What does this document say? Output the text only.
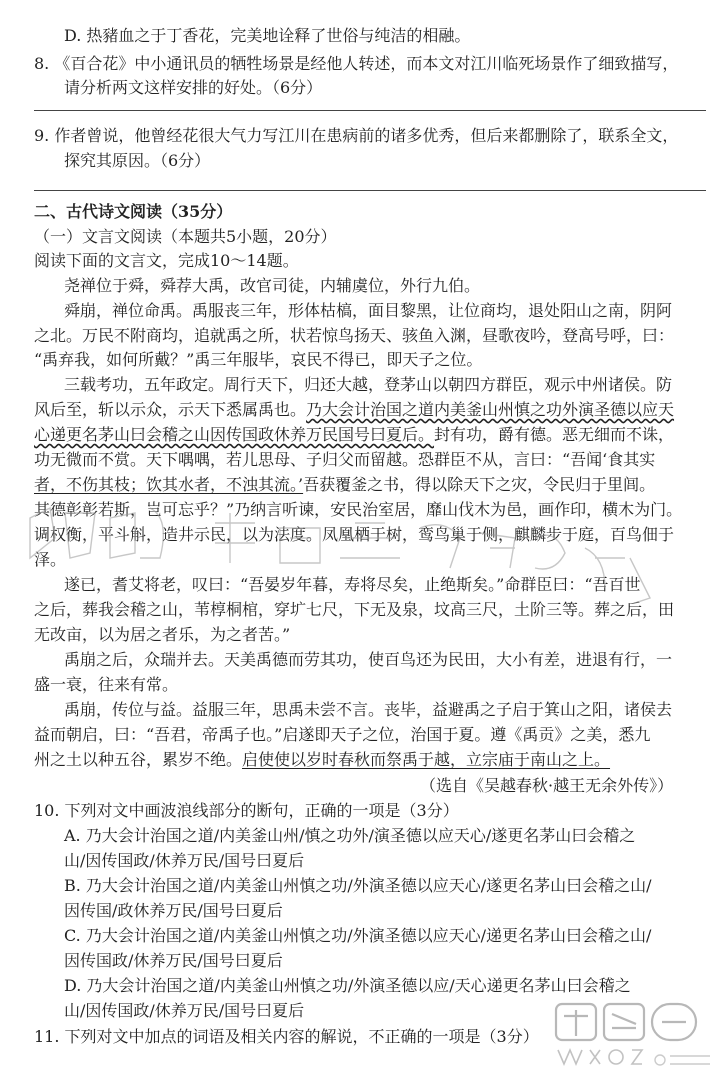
D. 热豬血之于丁香花，完美地诠释了世俗与纯洁的相融。
8. 《百合花》中小通讯员的牺牲场景是经他人转述，而本文对江川临死场景作了细致描写，
请分析两文这样安排的好处。（6分）
9. 作者曾说，他曾经花很大气力写江川在患病前的诸多优秀，但后来都删除了，联系全文，
探究其原因。（6分）
二、古代诗文阅读（35分）
（一）文言文阅读（本题共5小题，20分）
阅读下面的文言文，完成10～14题。
尧禅位于舜，舜荐大禹，改官司徒，内辅虞位，外行九伯。
舜崩，禅位命禹。禹服丧三年，形体枯槁，面目黎黑，让位商均，退处阳山之南，阴阿
之北。万民不附商均，追就禹之所，状若惊鸟扬天、骇鱼入渊，昼歌夜吟，登高号呼，曰：
“禹弃我，如何所戴？”禹三年服毕，哀民不得已，即天子之位。
三载考功，五年政定。周行天下，归还大越，登茅山以朝四方群臣，观示中州诸侯。防
风后至，斩以示众，示天下悉属禹也。乃大会计治国之道内美釜山州慎之功外演圣德以应天
心递更名茅山曰会稽之山因传国政休养万民国号曰夏后。封有功，爵有德。恶无细而不诛，
功无微而不赏。天下喁喁，若儿思母、子归父而留越。恐群臣不从，言曰：“吾闻‘食其实
者，不伤其枝；饮其水者，不浊其流。’吾获覆釜之书，得以除天下之灾，令民归于里闾。
其德彰彰若斯，岂可忘乎？”乃纳言听谏，安民治室居，靡山伐木为邑，画作印，横木为门。
调权衡，平斗斛，造井示民，以为法度。凤凰栖于树，鸾鸟巢于侧，麒麟步于庭，百鸟佃于
泽。
遂已，耆艾将老，叹曰：“吾晏岁年暮，寿将尽矣，止绝斯矣。”命群臣曰：“吾百世
之后，葬我会稽之山，苇椁桐棺，穿圹七尺，下无及泉，坟高三尺，土阶三等。葬之后，田
无改亩，以为居之者乐，为之者苦。”
禹崩之后，众瑞并去。天美禹德而劳其功，使百鸟还为民田，大小有差，进退有行，一
盛一衰，往来有常。
禹崩，传位与益。益服三年，思禹未尝不言。丧毕，益避禹之子启于箕山之阳，诸侯去
益而朝启，曰：“吾君，帝禹子也。”启遂即天子之位，治国于夏。遵《禹贡》之美，悉九
州之土以种五谷，累岁不绝。启使使以岁时春秋而祭禹于越，立宗庙于南山之上。
（选自《吴越春秋·越王无余外传》）
10. 下列对文中画波浪线部分的断句，正确的一项是（3分）
A. 乃大会计治国之道/内美釜山州/慎之功外/演圣德以应天心/遂更名茅山曰会稽之
山/因传国政/休养万民/国号曰夏后
B. 乃大会计治国之道/内美釜山州慎之功/外演圣德以应天心/遂更名茅山曰会稽之山/
因传国/政休养万民/国号曰夏后
C. 乃大会计治国之道/内美釜山州慎之功/外演圣德以应天心/递更名茅山曰会稽之山/
因传国政/休养万民/国号曰夏后
D. 乃大会计治国之道/内美釜山州慎之功/外演圣德以应/天心递更名茅山曰会稽之
山/因传国政/休养万民/国号曰夏后
11. 下列对文中加点的词语及相关内容的解说，不正确的一项是（3分）
